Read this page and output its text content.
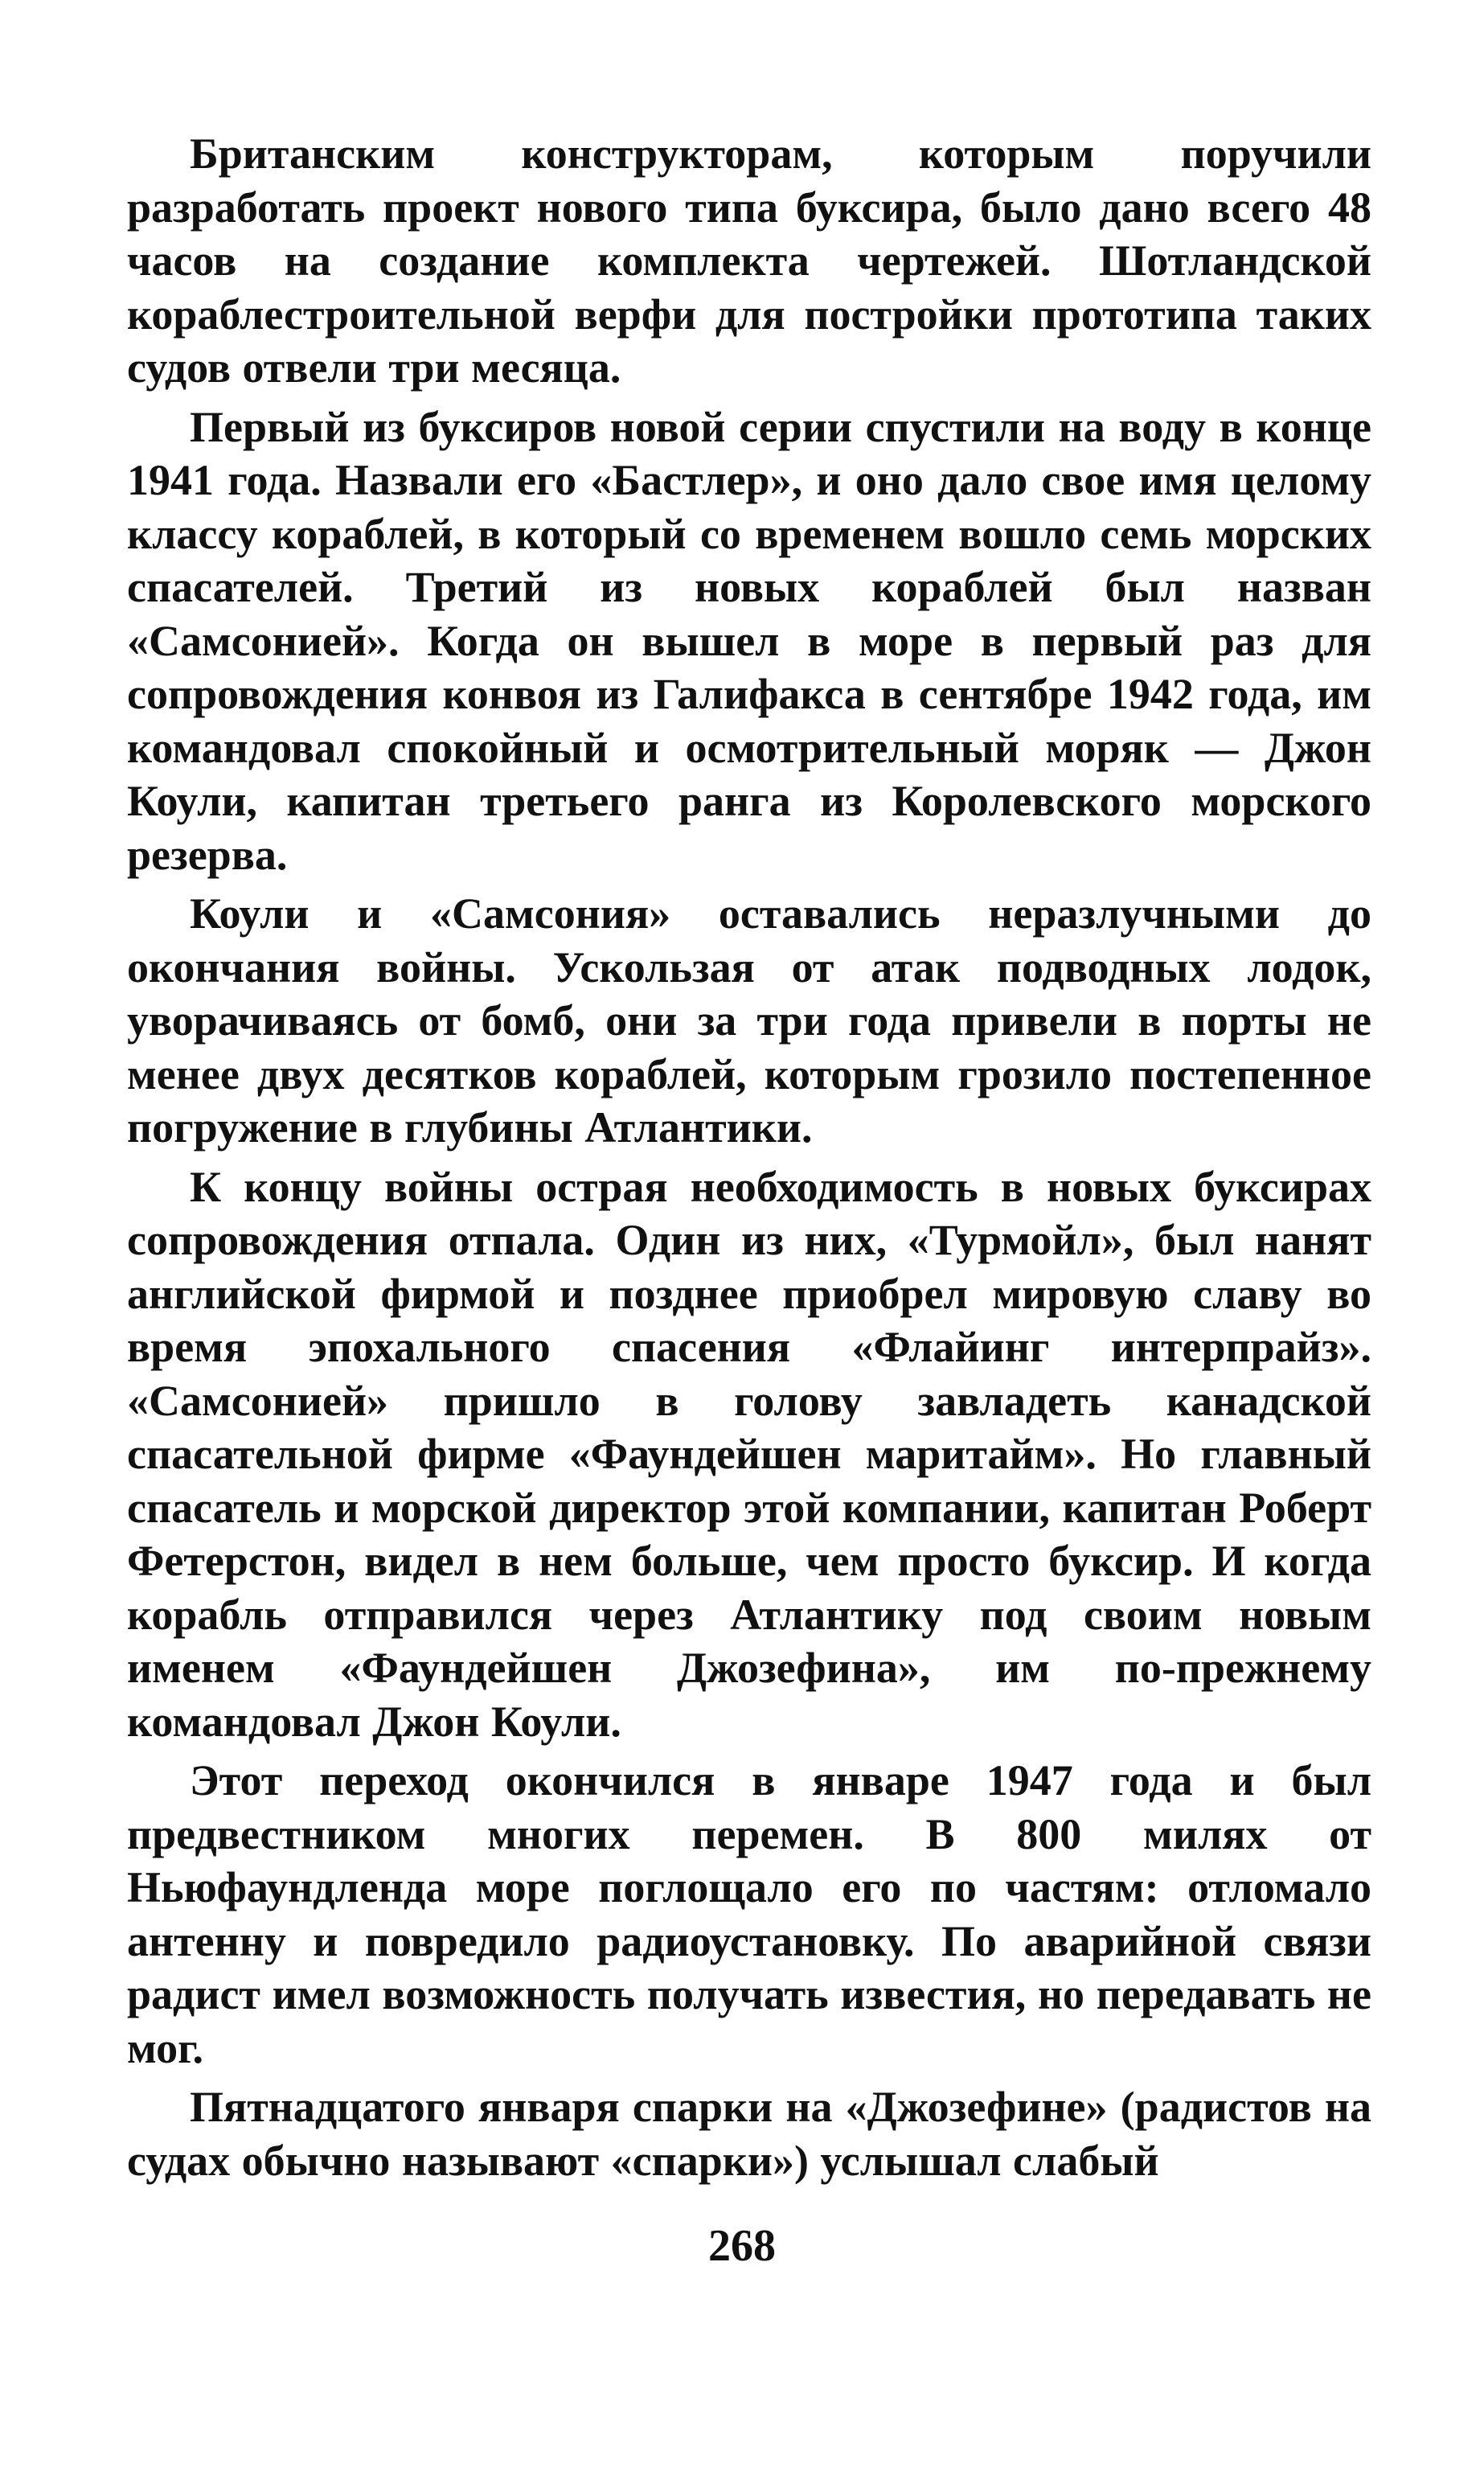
Британским конструкторам, которым поручили разработать проект нового типа буксира, было дано всего 48 часов на создание комплекта чертежей. Шотландской кораблестроительной верфи для постройки прототипа таких судов отвели три месяца.

Первый из буксиров новой серии спустили на воду в конце 1941 года. Назвали его «Бастлер», и оно дало свое имя целому классу кораблей, в который со временем вошло семь морских спасателей. Третий из новых кораблей был назван «Самсонией». Когда он вышел в море в первый раз для сопровождения конвоя из Галифакса в сентябре 1942 года, им командовал спокойный и осмотрительный моряк — Джон Коули, капитан третьего ранга из Королевского морского резерва.

Коули и «Самсония» оставались неразлучными до окончания войны. Ускользая от атак подводных лодок, уворачиваясь от бомб, они за три года привели в порты не менее двух десятков кораблей, которым грозило постепенное погружение в глубины Атлантики.

К концу войны острая необходимость в новых буксирах сопровождения отпала. Один из них, «Турмойл», был нанят английской фирмой и позднее приобрел мировую славу во время эпохального спасения «Флайинг интерпрайз». «Самсонией» пришло в голову завладеть канадской спасательной фирме «Фаундейшен маритайм». Но главный спасатель и морской директор этой компании, капитан Роберт Фетерстон, видел в нем больше, чем просто буксир. И когда корабль отправился через Атлантику под своим новым именем «Фаундейшен Джозефина», им по-прежнему командовал Джон Коули.

Этот переход окончился в январе 1947 года и был предвестником многих перемен. В 800 милях от Ньюфаундленда море поглощало его по частям: отломало антенну и повредило радиоустановку. По аварийной связи радист имел возможность получать известия, но передавать не мог.

Пятнадцатого января спарки на «Джозефине» (радистов на судах обычно называют «спарки») услышал слабый

268
